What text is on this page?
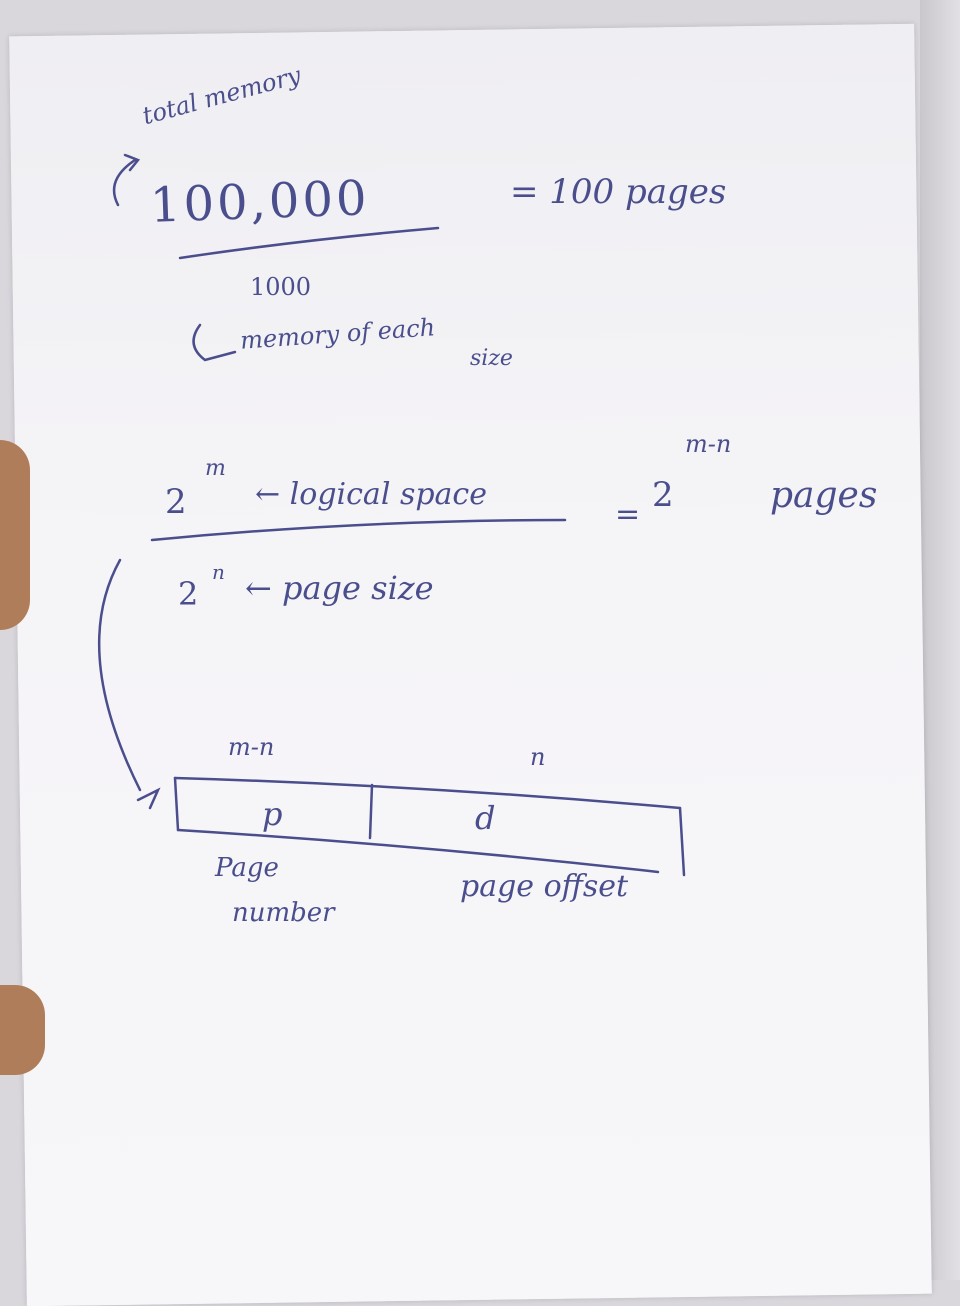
total memory
100,000	= 100 pages
1000
memory of each
size
2
m
← logical space
= 2
m-n
pages
2
n ← page size
m-n	n
p	d
Page
number
page offset
